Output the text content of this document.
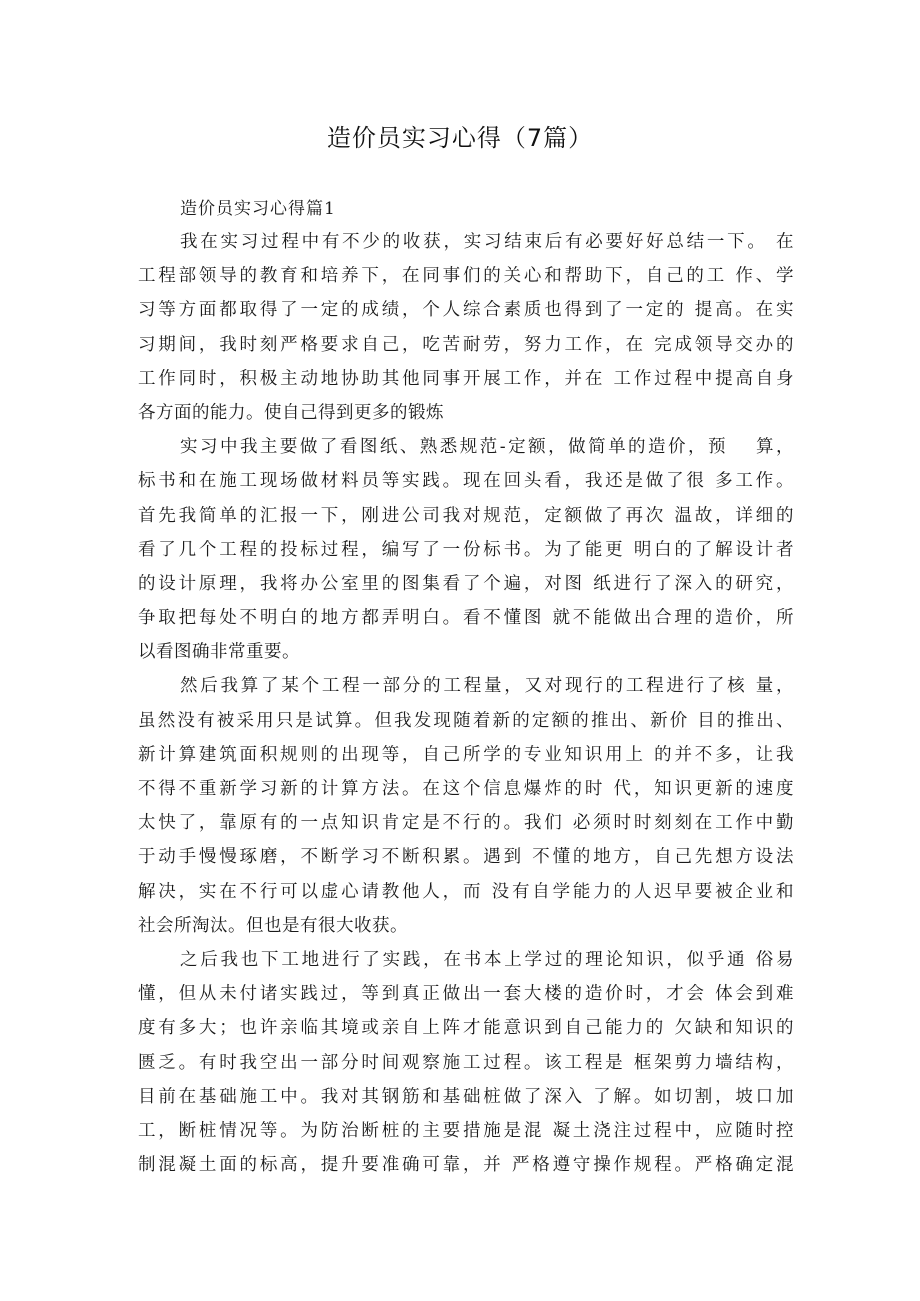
造价员实习心得（7篇）
造价员实习心得篇1
我在实习过程中有不少的收获，实习结束后有必要好好总结一下。 在
工程部领导的教育和培养下，在同事们的关心和帮助下，自己的工 作、学
习等方面都取得了一定的成绩，个人综合素质也得到了一定的 提高。在实
习期间，我时刻严格要求自己，吃苦耐劳，努力工作，在 完成领导交办的
工作同时，积极主动地协助其他同事开展工作，并在 工作过程中提高自身
各方面的能力。使自己得到更多的锻炼
实习中我主要做了看图纸、熟悉规范-定额，做简单的造价，预　 算，
标书和在施工现场做材料员等实践。现在回头看，我还是做了很 多工作。
首先我简单的汇报一下，刚进公司我对规范，定额做了再次 温故，详细的
看了几个工程的投标过程，编写了一份标书。为了能更 明白的了解设计者
的设计原理，我将办公室里的图集看了个遍，对图 纸进行了深入的研究，
争取把每处不明白的地方都弄明白。看不懂图 就不能做出合理的造价，所
以看图确非常重要。
然后我算了某个工程一部分的工程量，又对现行的工程进行了核 量，
虽然没有被采用只是试算。但我发现随着新的定额的推出、新价 目的推出、
新计算建筑面积规则的出现等，自己所学的专业知识用上 的并不多，让我
不得不重新学习新的计算方法。在这个信息爆炸的时 代，知识更新的速度
太快了，靠原有的一点知识肯定是不行的。我们 必须时时刻刻在工作中勤
于动手慢慢琢磨，不断学习不断积累。遇到 不懂的地方，自己先想方设法
解决，实在不行可以虚心请教他人，而 没有自学能力的人迟早要被企业和
社会所淘汰。但也是有很大收获。
之后我也下工地进行了实践，在书本上学过的理论知识，似乎通 俗易
懂，但从未付诸实践过，等到真正做出一套大楼的造价时，才会 体会到难
度有多大；也许亲临其境或亲自上阵才能意识到自己能力的 欠缺和知识的
匮乏。有时我空出一部分时间观察施工过程。该工程是 框架剪力墙结构，
目前在基础施工中。我对其钢筋和基础桩做了深入 了解。如切割，坡口加
工，断桩情况等。为防治断桩的主要措施是混 凝土浇注过程中，应随时控
制混凝土面的标高，提升要准确可靠，并 严格遵守操作规程。严格确定混
